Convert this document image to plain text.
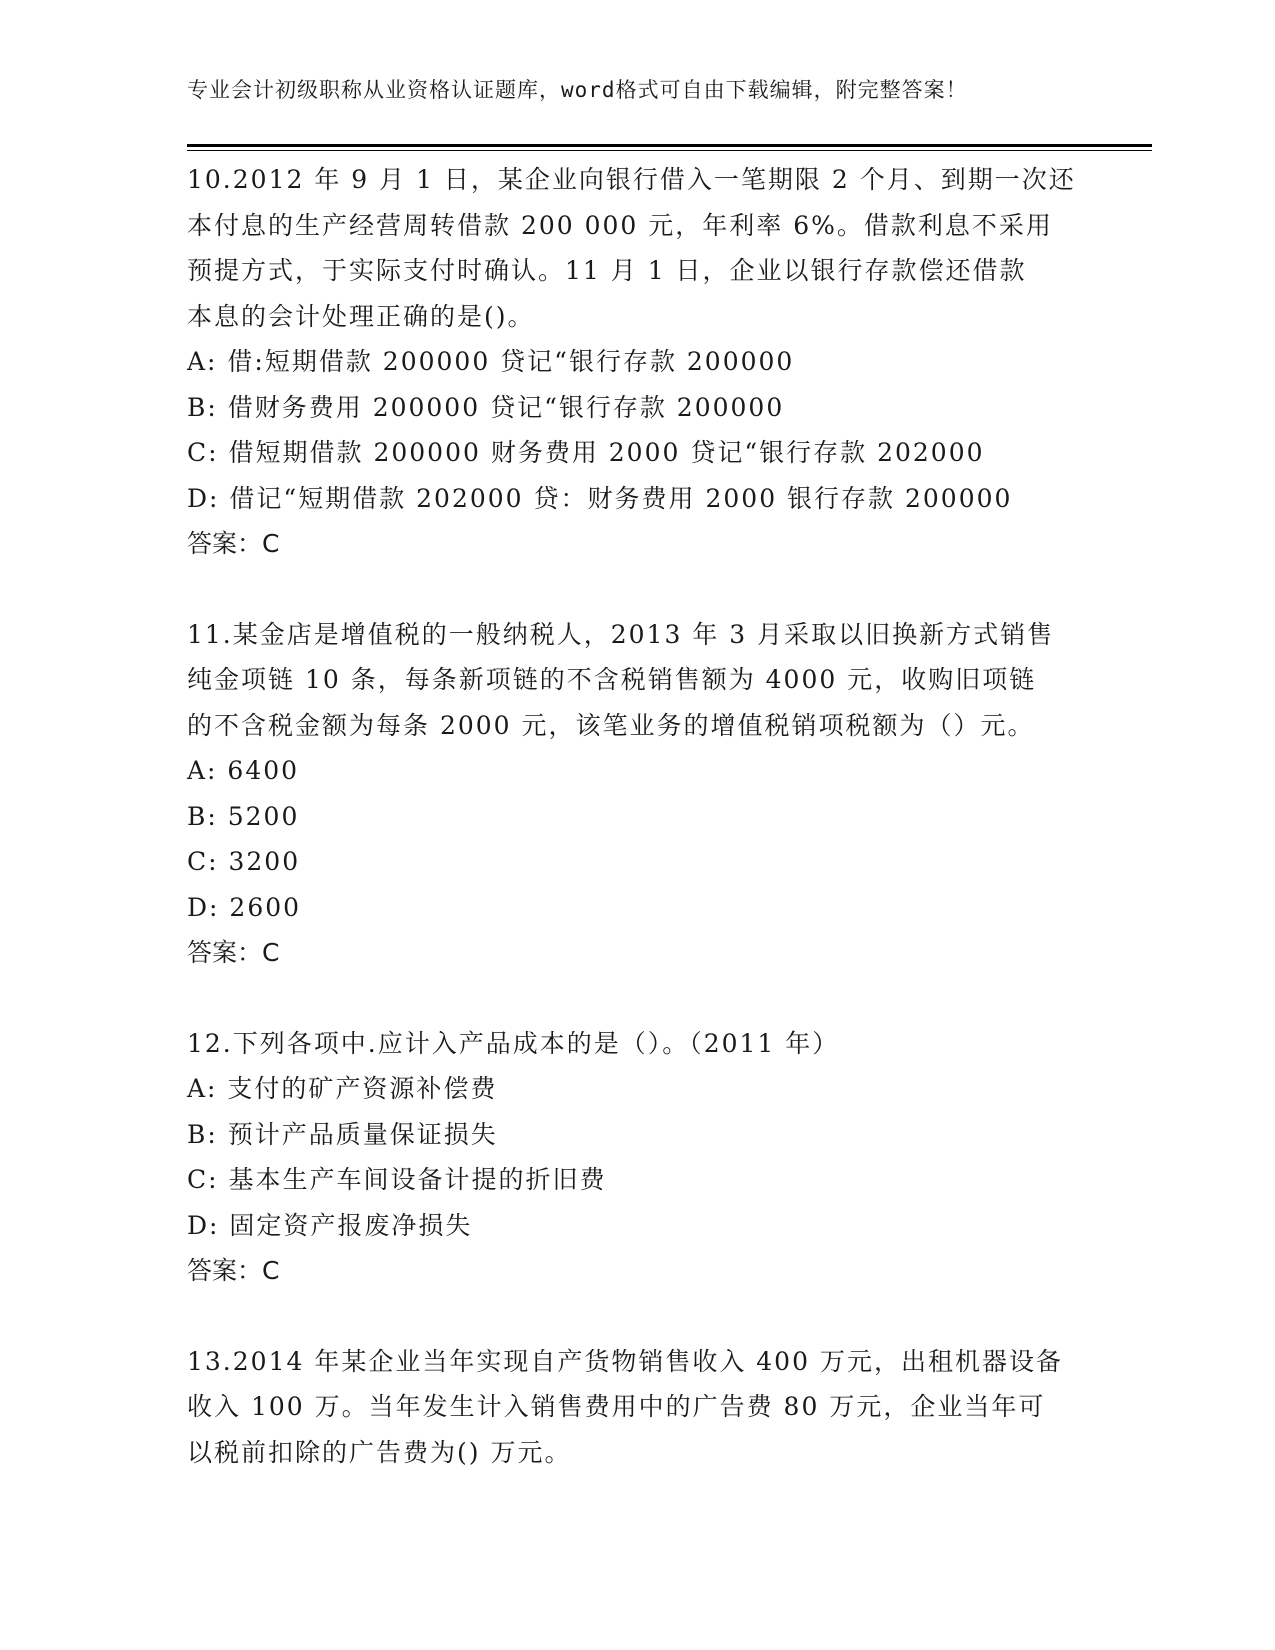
专业会计初级职称从业资格认证题库，word格式可自由下载编辑，附完整答案！
10.2012 年 9 月 1 日，某企业向银行借入一笔期限 2 个月、到期一次还
本付息的生产经营周转借款 200 000 元，年利率 6%。借款利息不采用
预提方式，于实际支付时确认。11 月 1 日，企业以银行存款偿还借款
本息的会计处理正确的是()。
A: 借:短期借款 200000 贷记“银行存款 200000
B: 借财务费用 200000 贷记“银行存款 200000
C: 借短期借款 200000 财务费用 2000 贷记“银行存款 202000
D: 借记“短期借款 202000 贷：财务费用 2000 银行存款 200000
答案：C
11.某金店是增值税的一般纳税人，2013 年 3 月采取以旧换新方式销售
纯金项链 10 条，每条新项链的不含税销售额为 4000 元，收购旧项链
的不含税金额为每条 2000 元，该笔业务的增值税销项税额为（）元。
A: 6400
B: 5200
C: 3200
D: 2600
答案：C
12.下列各项中.应计入产品成本的是（）。（2011 年）
A: 支付的矿产资源补偿费
B: 预计产品质量保证损失
C: 基本生产车间设备计提的折旧费
D: 固定资产报废净损失
答案：C
13.2014 年某企业当年实现自产货物销售收入 400 万元，出租机器设备
收入 100 万。当年发生计入销售费用中的广告费 80 万元，企业当年可
以税前扣除的广告费为() 万元。
